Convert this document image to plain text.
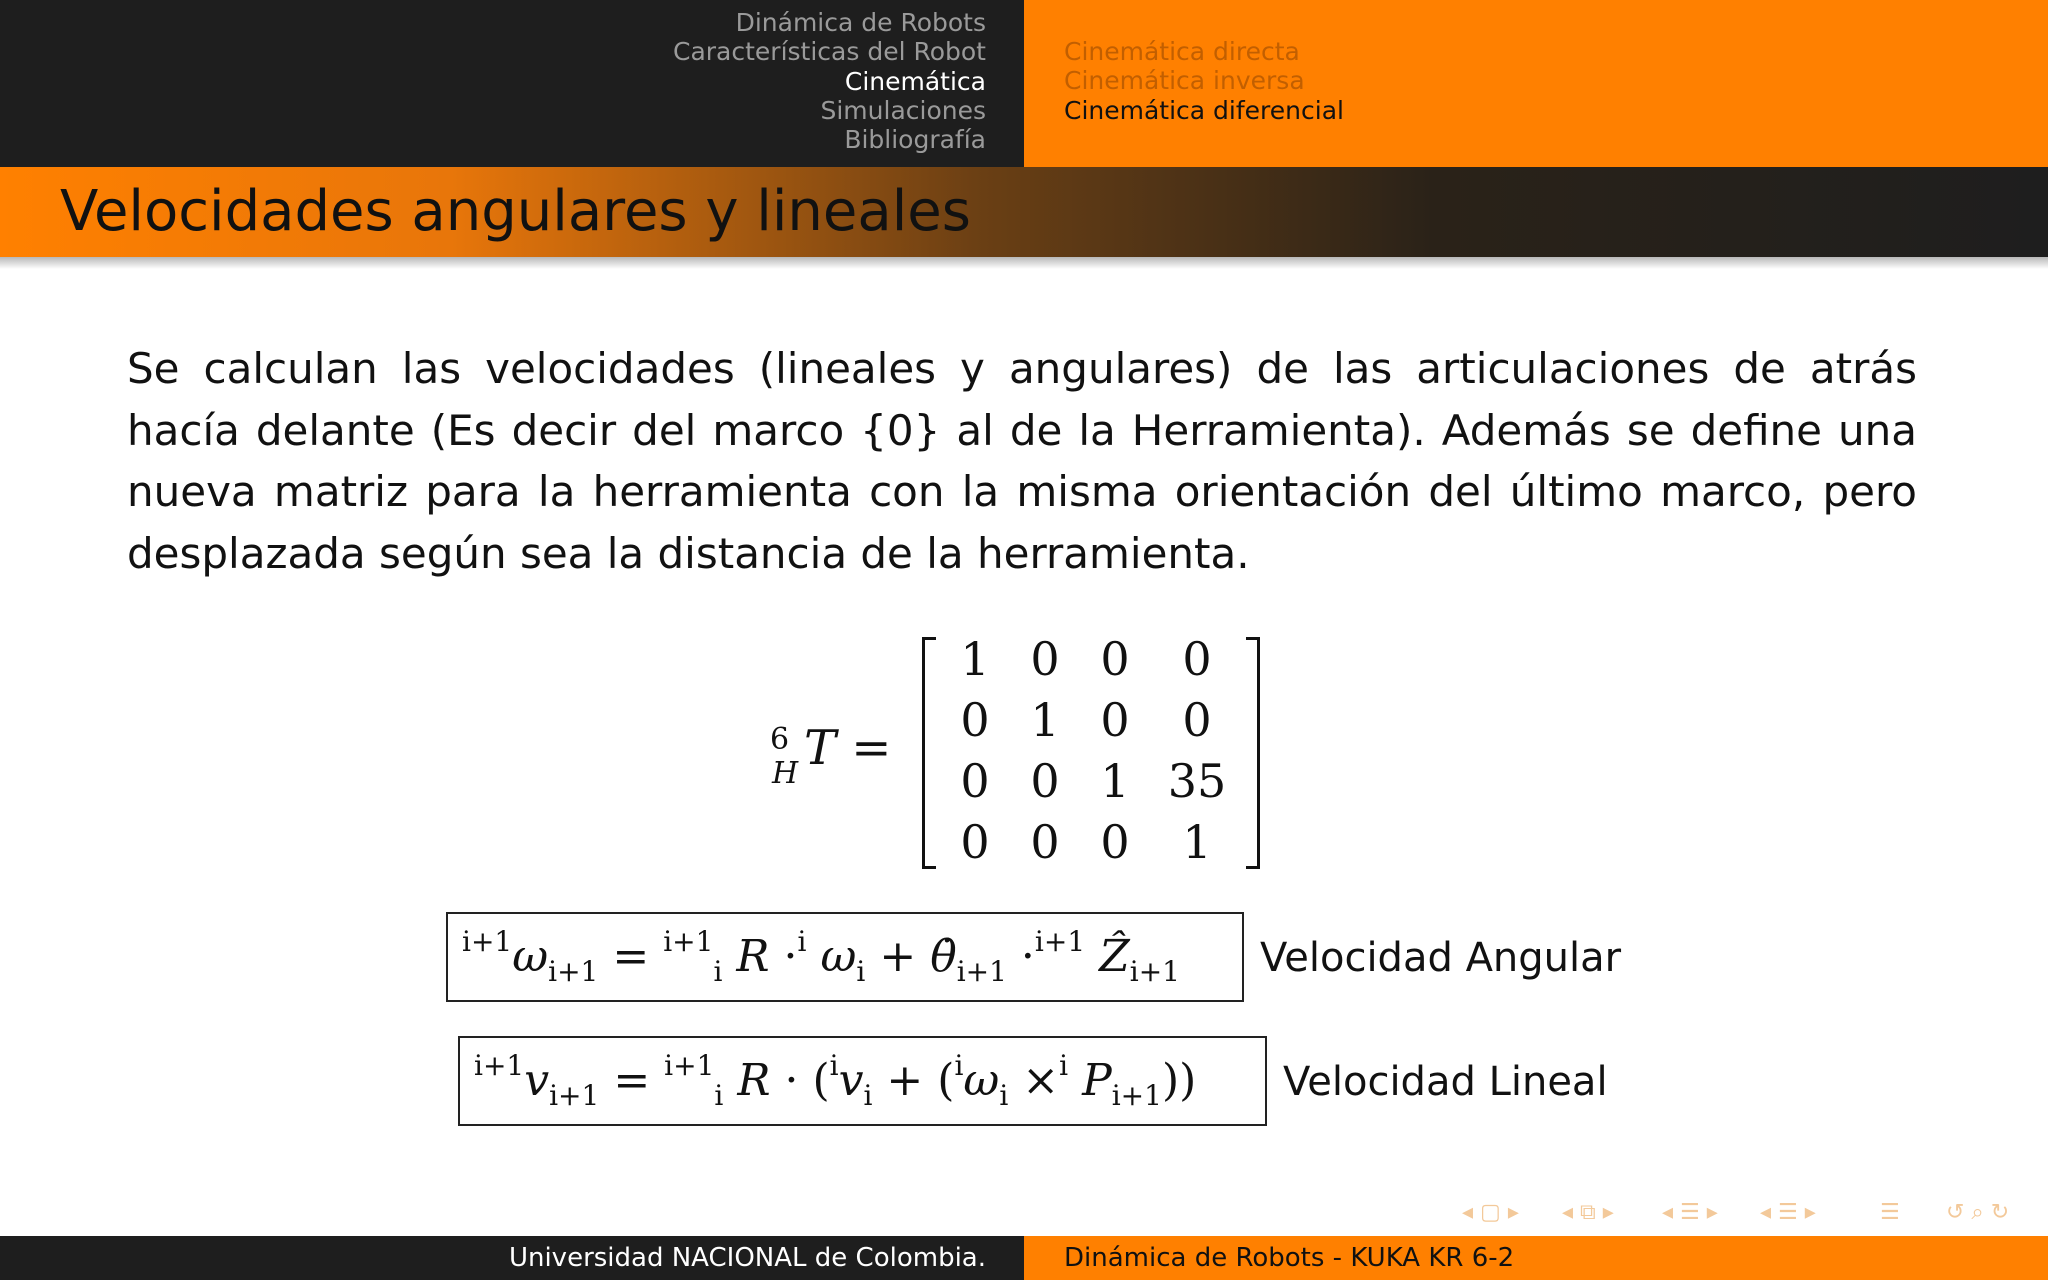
Dinámica de Robots
Características del Robot
Cinemática
Simulaciones
Bibliografía
Cinemática directa
Cinemática inversa
Cinemática diferencial
Velocidades angulares y lineales
Se calculan las velocidades (lineales y angulares) de las articulaciones de atrás hacía delante (Es decir del marco {0} al de la Herramienta). Además se define una nueva matriz para la herramienta con la misma orientación del último marco, pero desplazada según sea la distancia de la herramienta.
6
H T =
1 0 0	0
0 1 0	0
0 0 1 35
0 0 0	1
$^{i+1}\omega_{i+1} = ^{i+1}_i$ R ·$^i$ $\omega_i$ + $\thetȧ_{i+1} \cdot^{i+1}$ Ẑ$_{i+1}$ Velocidad Angular
$^{i+1}v_{i+1} = ^{i+1}_i$ $R \cdot (^iv_i + (^i\omega_i \times^i$ $P_{i+1}$)) Velocidad Lineal
◂ ▢ ▸ ◂ ⧉ ▸ ◂ ☰ ▸ ◂ ☰ ▸	☰ ↺ ⌕ ↻
Universidad NACIONAL de Colombia.	Dinámica de Robots - KUKA KR 6-2
